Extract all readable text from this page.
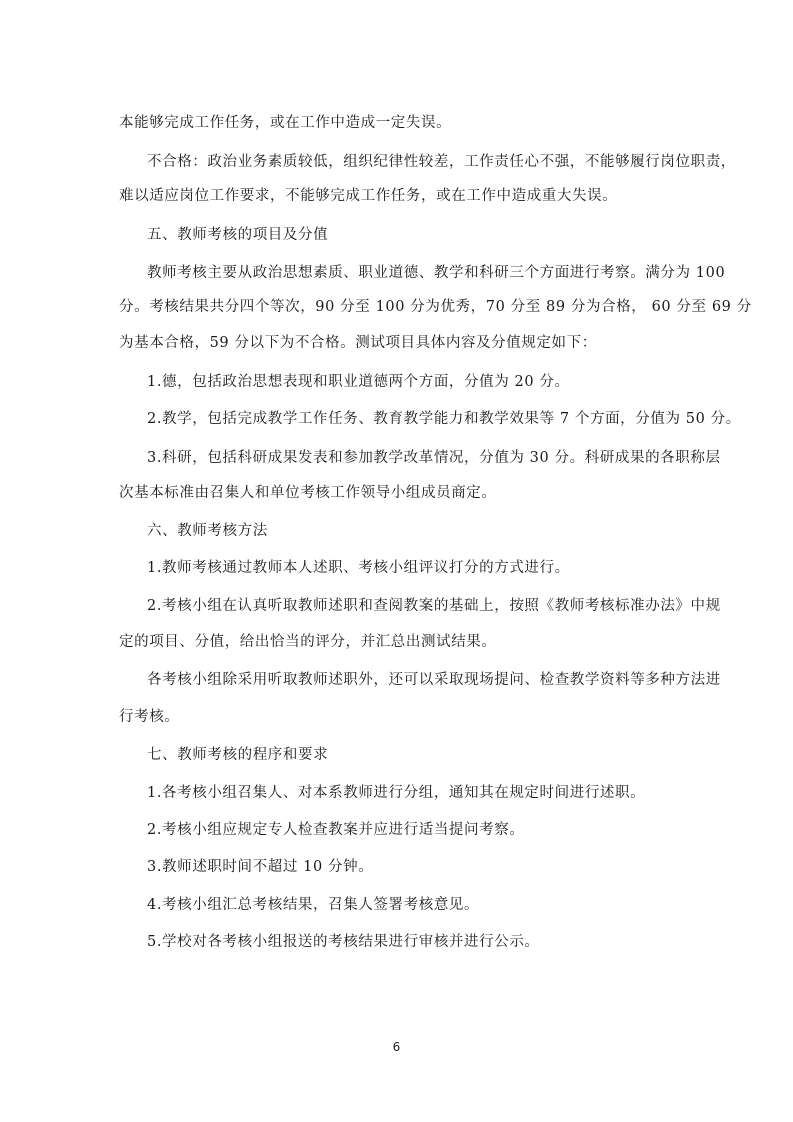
本能够完成工作任务，或在工作中造成一定失误。
不合格：政治业务素质较低，组织纪律性较差，工作责任心不强，不能够履行岗位职责，
难以适应岗位工作要求，不能够完成工作任务，或在工作中造成重大失误。
五、教师考核的项目及分值
教师考核主要从政治思想素质、职业道德、教学和科研三个方面进行考察。满分为 100
分。考核结果共分四个等次，90 分至 100 分为优秀，70 分至 89 分为合格， 60 分至 69 分
为基本合格，59 分以下为不合格。测试项目具体内容及分值规定如下：
1.德，包括政治思想表现和职业道德两个方面，分值为 20 分。
2.教学，包括完成教学工作任务、教育教学能力和教学效果等 7 个方面，分值为 50 分。
3.科研，包括科研成果发表和参加教学改革情况，分值为 30 分。科研成果的各职称层
次基本标准由召集人和单位考核工作领导小组成员商定。
六、教师考核方法
1.教师考核通过教师本人述职、考核小组评议打分的方式进行。
2.考核小组在认真听取教师述职和查阅教案的基础上，按照《教师考核标准办法》中规
定的项目、分值，给出恰当的评分，并汇总出测试结果。
各考核小组除采用听取教师述职外，还可以采取现场提问、检查教学资料等多种方法进
行考核。
七、教师考核的程序和要求
1.各考核小组召集人、对本系教师进行分组，通知其在规定时间进行述职。
2.考核小组应规定专人检查教案并应进行适当提问考察。
3.教师述职时间不超过 10 分钟。
4.考核小组汇总考核结果，召集人签署考核意见。
5.学校对各考核小组报送的考核结果进行审核并进行公示。
6
